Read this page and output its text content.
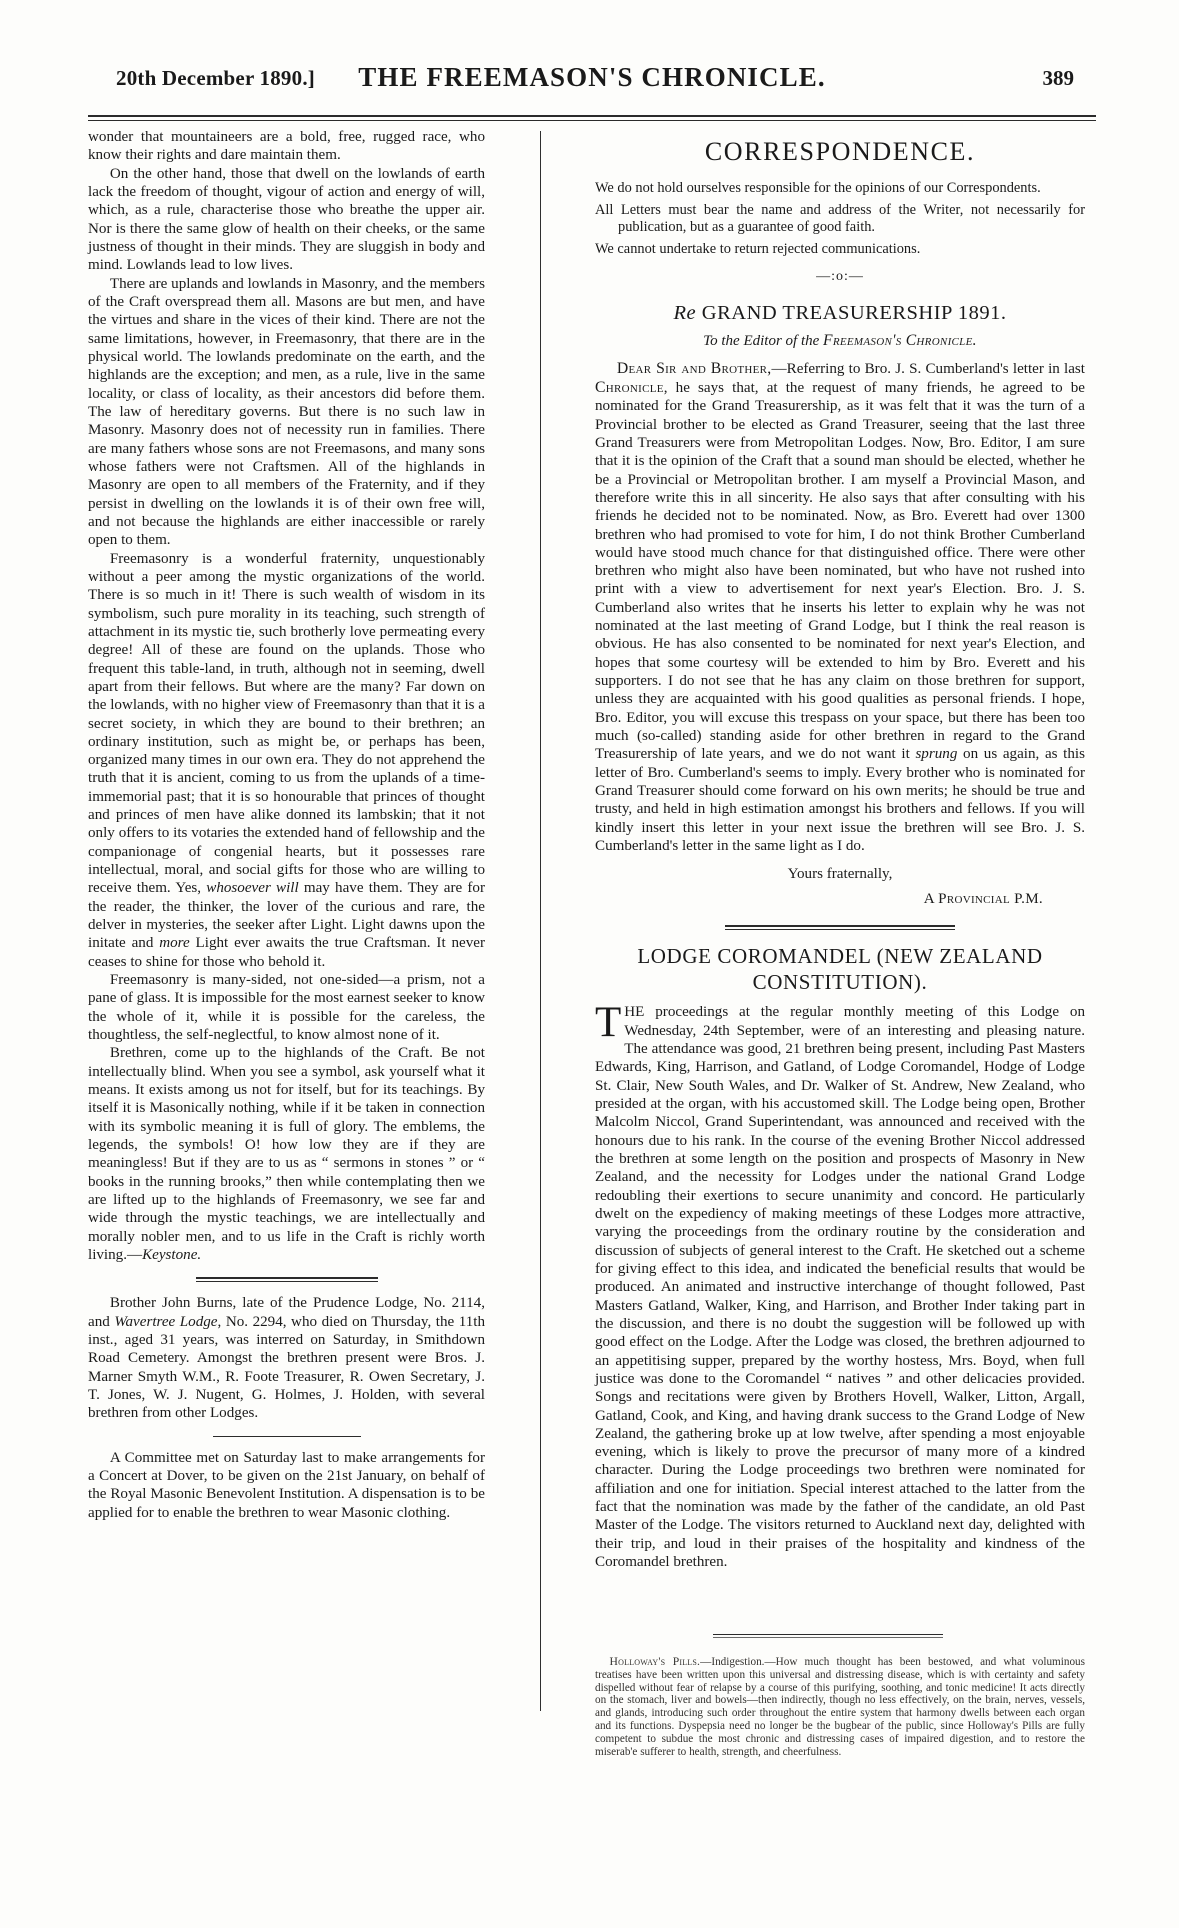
20th December 1890.]	THE FREEMASON'S CHRONICLE.	389

wonder that mountaineers are a bold, free, rugged race, who know their rights and dare maintain them.

On the other hand, those that dwell on the lowlands of earth lack the freedom of thought, vigour of action and energy of will, which, as a rule, characterise those who breathe the upper air. Nor is there the same glow of health on their cheeks, or the same justness of thought in their minds. They are sluggish in body and mind. Lowlands lead to low lives.

There are uplands and lowlands in Masonry, and the members of the Craft overspread them all. Masons are but men, and have the virtues and share in the vices of their kind. There are not the same limitations, however, in Freemasonry, that there are in the physical world. The lowlands predominate on the earth, and the highlands are the exception; and men, as a rule, live in the same locality, or class of locality, as their ancestors did before them. The law of hereditary governs. But there is no such law in Masonry. Masonry does not of necessity run in families. There are many fathers whose sons are not Freemasons, and many sons whose fathers were not Craftsmen. All of the highlands in Masonry are open to all members of the Fraternity, and if they persist in dwelling on the lowlands it is of their own free will, and not because the highlands are either inaccessible or rarely open to them.

Freemasonry is a wonderful fraternity, unquestionably without a peer among the mystic organizations of the world. There is so much in it! There is such wealth of wisdom in its symbolism, such pure morality in its teaching, such strength of attachment in its mystic tie, such brotherly love permeating every degree! All of these are found on the uplands. Those who frequent this table-land, in truth, although not in seeming, dwell apart from their fellows. But where are the many? Far down on the lowlands, with no higher view of Freemasonry than that it is a secret society, in which they are bound to their brethren; an ordinary institution, such as might be, or perhaps has been, organized many times in our own era. They do not apprehend the truth that it is ancient, coming to us from the uplands of a time-immemorial past; that it is so honourable that princes of thought and princes of men have alike donned its lambskin; that it not only offers to its votaries the extended hand of fellowship and the companionage of congenial hearts, but it possesses rare intellectual, moral, and social gifts for those who are willing to receive them. Yes, whosoever will may have them. They are for the reader, the thinker, the lover of the curious and rare, the delver in mysteries, the seeker after Light. Light dawns upon the initate and more Light ever awaits the true Craftsman. It never ceases to shine for those who behold it.

Freemasonry is many-sided, not one-sided—a prism, not a pane of glass. It is impossible for the most earnest seeker to know the whole of it, while it is possible for the careless, the thoughtless, the self-neglectful, to know almost none of it.

Brethren, come up to the highlands of the Craft. Be not intellectually blind. When you see a symbol, ask yourself what it means. It exists among us not for itself, but for its teachings. By itself it is Masonically nothing, while if it be taken in connection with its symbolic meaning it is full of glory. The emblems, the legends, the symbols! O! how low they are if they are meaningless! But if they are to us as “ sermons in stones ” or “ books in the running brooks,” then while contemplating then we are lifted up to the highlands of Freemasonry, we see far and wide through the mystic teachings, we are intellectually and morally nobler men, and to us life in the Craft is richly worth living.—Keystone.

Brother John Burns, late of the Prudence Lodge, No. 2114, and Wavertree Lodge, No. 2294, who died on Thursday, the 11th inst., aged 31 years, was interred on Saturday, in Smithdown Road Cemetery. Amongst the brethren present were Bros. J. Marner Smyth W.M., R. Foote Treasurer, R. Owen Secretary, J. T. Jones, W. J. Nugent, G. Holmes, J. Holden, with several brethren from other Lodges.

A Committee met on Saturday last to make arrangements for a Concert at Dover, to be given on the 21st January, on behalf of the Royal Masonic Benevolent Institution. A dispensation is to be applied for to enable the brethren to wear Masonic clothing.

CORRESPONDENCE.

We do not hold ourselves responsible for the opinions of our Correspondents.

All Letters must bear the name and address of the Writer, not necessarily for publication, but as a guarantee of good faith.

We cannot undertake to return rejected communications.

—:o:—
Re GRAND TREASURERSHIP 1891.
To the Editor of the Freemason's Chronicle.

Dear Sir and Brother,—Referring to Bro. J. S. Cumberland's letter in last Chronicle, he says that, at the request of many friends, he agreed to be nominated for the Grand Treasurership, as it was felt that it was the turn of a Provincial brother to be elected as Grand Treasurer, seeing that the last three Grand Treasurers were from Metropolitan Lodges. Now, Bro. Editor, I am sure that it is the opinion of the Craft that a sound man should be elected, whether he be a Provincial or Metropolitan brother. I am myself a Provincial Mason, and therefore write this in all sincerity. He also says that after consulting with his friends he decided not to be nominated. Now, as Bro. Everett had over 1300 brethren who had promised to vote for him, I do not think Brother Cumberland would have stood much chance for that distinguished office. There were other brethren who might also have been nominated, but who have not rushed into print with a view to advertisement for next year's Election. Bro. J. S. Cumberland also writes that he inserts his letter to explain why he was not nominated at the last meeting of Grand Lodge, but I think the real reason is obvious. He has also consented to be nominated for next year's Election, and hopes that some courtesy will be extended to him by Bro. Everett and his supporters. I do not see that he has any claim on those brethren for support, unless they are acquainted with his good qualities as personal friends. I hope, Bro. Editor, you will excuse this trespass on your space, but there has been too much (so-called) standing aside for other brethren in regard to the Grand Treasurership of late years, and we do not want it sprung on us again, as this letter of Bro. Cumberland's seems to imply. Every brother who is nominated for Grand Treasurer should come forward on his own merits; he should be true and trusty, and held in high estimation amongst his brothers and fellows. If you will kindly insert this letter in your next issue the brethren will see Bro. J. S. Cumberland's letter in the same light as I do.

Yours fraternally,
A Provincial P.M.
LODGE COROMANDEL (NEW ZEALAND
CONSTITUTION).

THE proceedings at the regular monthly meeting of this Lodge on Wednesday, 24th September, were of an interesting and pleasing nature. The attendance was good, 21 brethren being present, including Past Masters Edwards, King, Harrison, and Gatland, of Lodge Coromandel, Hodge of Lodge St. Clair, New South Wales, and Dr. Walker of St. Andrew, New Zealand, who presided at the organ, with his accustomed skill. The Lodge being open, Brother Malcolm Niccol, Grand Superintendant, was announced and received with the honours due to his rank. In the course of the evening Brother Niccol addressed the brethren at some length on the position and prospects of Masonry in New Zealand, and the necessity for Lodges under the national Grand Lodge redoubling their exertions to secure unanimity and concord. He particularly dwelt on the expediency of making meetings of these Lodges more attractive, varying the proceedings from the ordinary routine by the consideration and discussion of subjects of general interest to the Craft. He sketched out a scheme for giving effect to this idea, and indicated the beneficial results that would be produced. An animated and instructive interchange of thought followed, Past Masters Gatland, Walker, King, and Harrison, and Brother Inder taking part in the discussion, and there is no doubt the suggestion will be followed up with good effect on the Lodge. After the Lodge was closed, the brethren adjourned to an appetitising supper, prepared by the worthy hostess, Mrs. Boyd, when full justice was done to the Coromandel “ natives ” and other delicacies provided. Songs and recitations were given by Brothers Hovell, Walker, Litton, Argall, Gatland, Cook, and King, and having drank success to the Grand Lodge of New Zealand, the gathering broke up at low twelve, after spending a most enjoyable evening, which is likely to prove the precursor of many more of a kindred character. During the Lodge proceedings two brethren were nominated for affiliation and one for initiation. Special interest attached to the latter from the fact that the nomination was made by the father of the candidate, an old Past Master of the Lodge. The visitors returned to Auckland next day, delighted with their trip, and loud in their praises of the hospitality and kindness of the Coromandel brethren.

Holloway's Pills.—Indigestion.—How much thought has been bestowed, and what voluminous treatises have been written upon this universal and distressing disease, which is with certainty and safety dispelled without fear of relapse by a course of this purifying, soothing, and tonic medicine! It acts directly on the stomach, liver and bowels—then indirectly, though no less effectively, on the brain, nerves, vessels, and glands, introducing such order throughout the entire system that harmony dwells between each organ and its functions. Dyspepsia need no longer be the bugbear of the public, since Holloway's Pills are fully competent to subdue the most chronic and distressing cases of impaired digestion, and to restore the miserab'e sufferer to health, strength, and cheerfulness.
